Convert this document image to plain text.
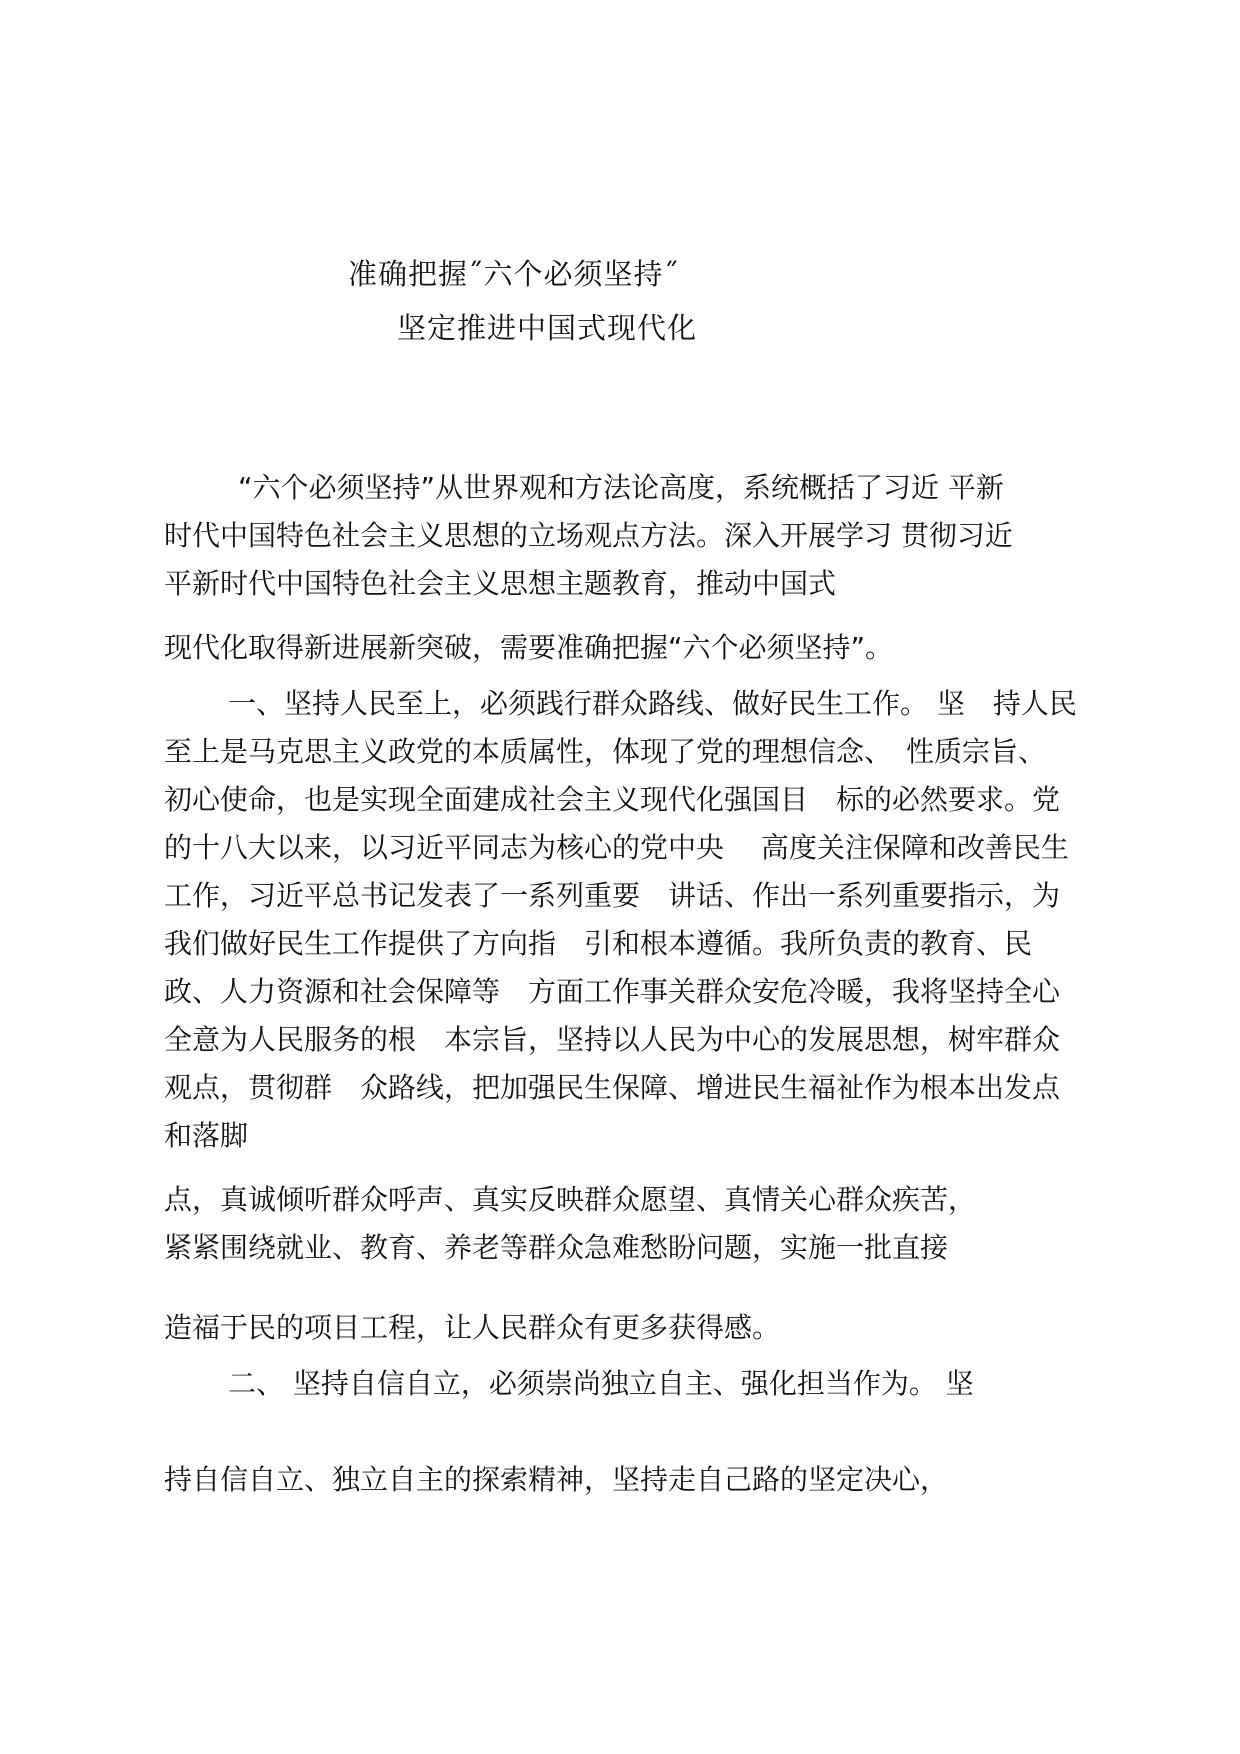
准确把握˝六个必须坚持˝
坚定推进中国式现代化
“六个必须坚持”从世界观和方法论高度，系统概括了习近 平新
时代中国特色社会主义思想的立场观点方法。深入开展学习 贯彻习近
平新时代中国特色社会主义思想主题教育，推动中国式
现代化取得新进展新突破，需要准确把握“六个必须坚持”。
一、坚持人民至上，必须践行群众路线、做好民生工作。 坚　持人民
至上是马克思主义政党的本质属性，体现了党的理想信念、　性质宗旨、
初心使命，也是实现全面建成社会主义现代化强国目　标的必然要求。党
的十八大以来，以习近平同志为核心的党中央　 高度关注保障和改善民生
工作，习近平总书记发表了一系列重要　讲话、作出一系列重要指示，为
我们做好民生工作提供了方向指　引和根本遵循。我所负责的教育、民
政、人力资源和社会保障等　方面工作事关群众安危冷暖，我将坚持全心
全意为人民服务的根　本宗旨，坚持以人民为中心的发展思想，树牢群众
观点，贯彻群　众路线，把加强民生保障、增进民生福祉作为根本出发点
和落脚
点，真诚倾听群众呼声、真实反映群众愿望、真情关心群众疾苦，
紧紧围绕就业、教育、养老等群众急难愁盼问题，实施一批直接
造福于民的项目工程，让人民群众有更多获得感。
二、 坚持自信自立，必须崇尚独立自主、强化担当作为。 坚
持自信自立、独立自主的探索精神，坚持走自己路的坚定决心，
